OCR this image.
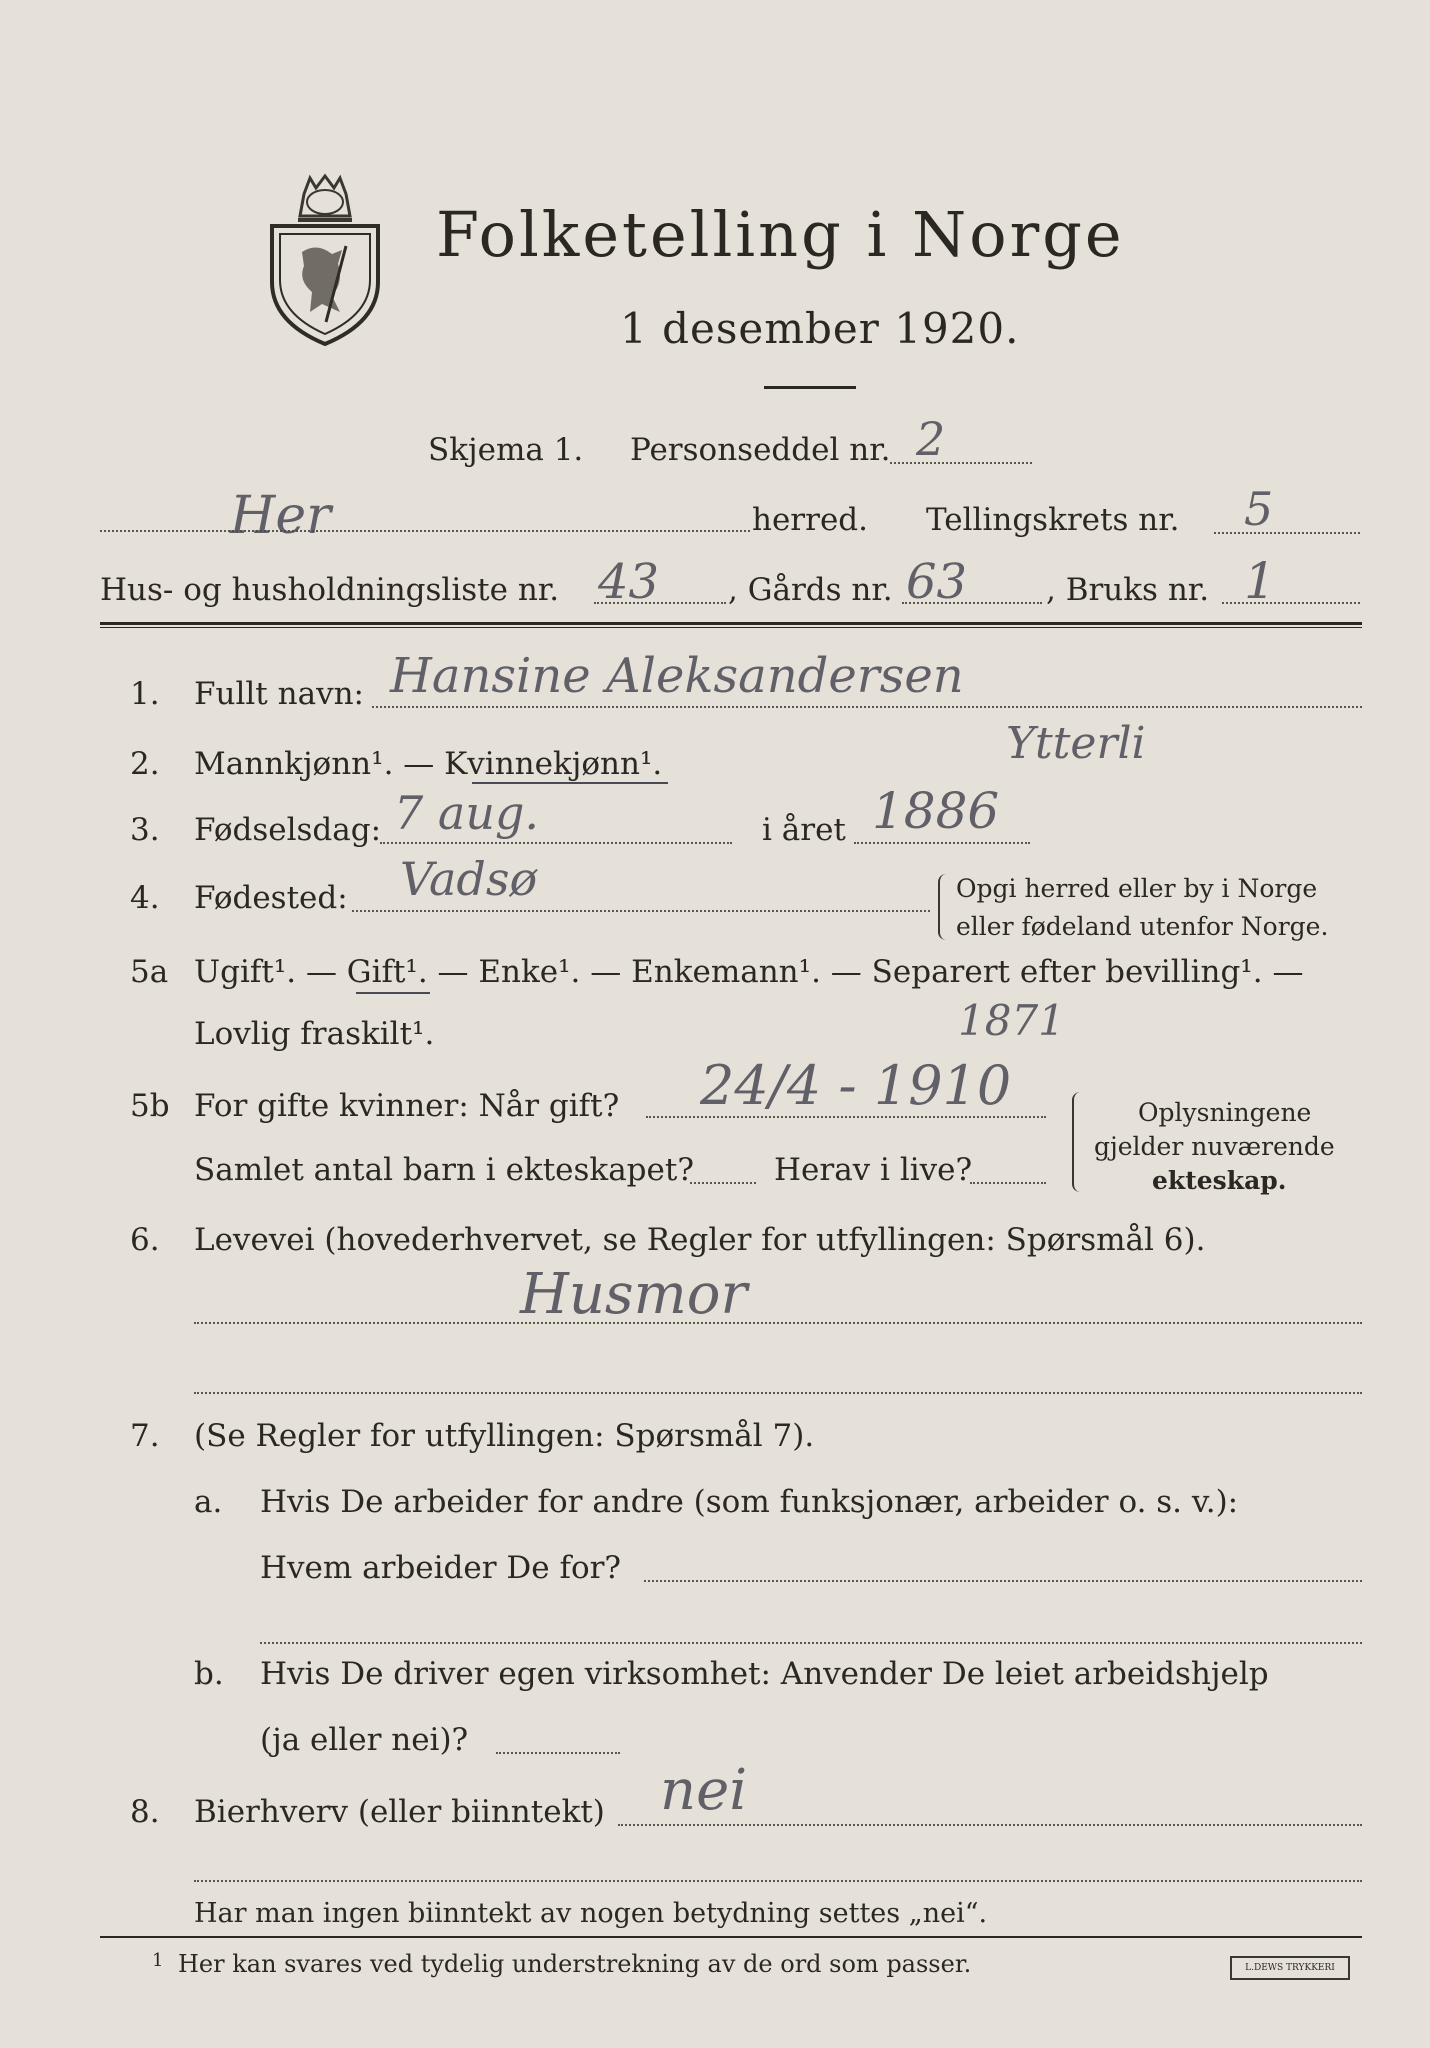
Folketelling i Norge
1 desember 1920.
Skjema 1. Personseddel nr. 2
Her	herred. Tellingskrets nr. 5
Hus- og husholdningsliste nr. 43 , Gårds nr. 63	, Bruks nr. 1
1. Fullt navn: Hansine Aleksandersen
2. Mannkjønn¹. — Kvinnekjønn¹.	Ytterli
3. Fødselsdag: 7 aug.	i året 1886
4. Fødested: Vadsø	Opgi herred eller by i Norge
eller fødeland utenfor Norge.
5a Ugift¹. — Gift¹. — Enke¹. — Enkemann¹. — Separert efter bevilling¹. —
Lovlig fraskilt¹.	1871
5b For gifte kvinner: Når gift? 24/4 - 1910
Samlet antal barn i ekteskapet?	Herav i live?
Oplysningene
gjelder nuværende
ekteskap.
6. Levevei (hovederhvervet, se Regler for utfyllingen: Spørsmål 6).
Husmor
7. (Se Regler for utfyllingen: Spørsmål 7).
a. Hvis De arbeider for andre (som funksjonær, arbeider o. s. v.):
Hvem arbeider De for?
b. Hvis De driver egen virksomhet: Anvender De leiet arbeidshjelp
(ja eller nei)?
8. Bierhverv (eller biinntekt) nei
Har man ingen biinntekt av nogen betydning settes „nei“.
1 Her kan svares ved tydelig understrekning av de ord som passer.	L.DEWS TRYKKERI
